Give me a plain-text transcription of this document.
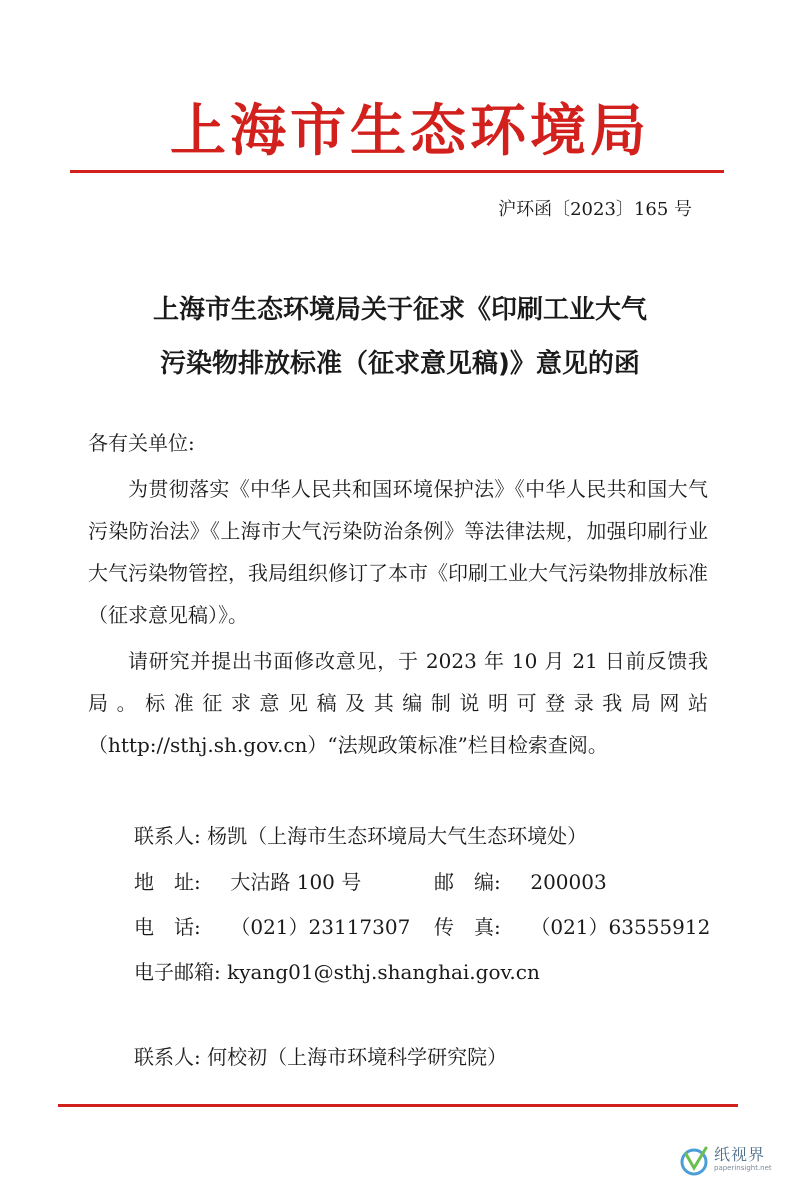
上海市生态环境局
沪环函〔2023〕165 号
上海市生态环境局关于征求《印刷工业大气
污染物排放标准（征求意见稿)》意见的函
各有关单位:
为贯彻落实《中华人民共和国环境保护法》《中华人民共和国大气污染防治法》《上海市大气污染防治条例》等法律法规，加强印刷行业大气污染物管控，我局组织修订了本市《印刷工业大气污染物排放标准（征求意见稿）》。
请研究并提出书面修改意见，于 2023 年 10 月 21 日前反馈我局。标准征求意见稿及其编制说明可登录我局网站（http://sthj.sh.gov.cn）“法规政策标准”栏目检索查阅。
联系人: 杨凯（上海市生态环境局大气生态环境处）
地　址: 大沽路 100 号	邮　编: 200003
电　话: （021）23117307 传　真: （021）63555912
电子邮箱: kyang01@sthj.shanghai.gov.cn
联系人: 何校初（上海市环境科学研究院）
纸视界
paperinsight.net
